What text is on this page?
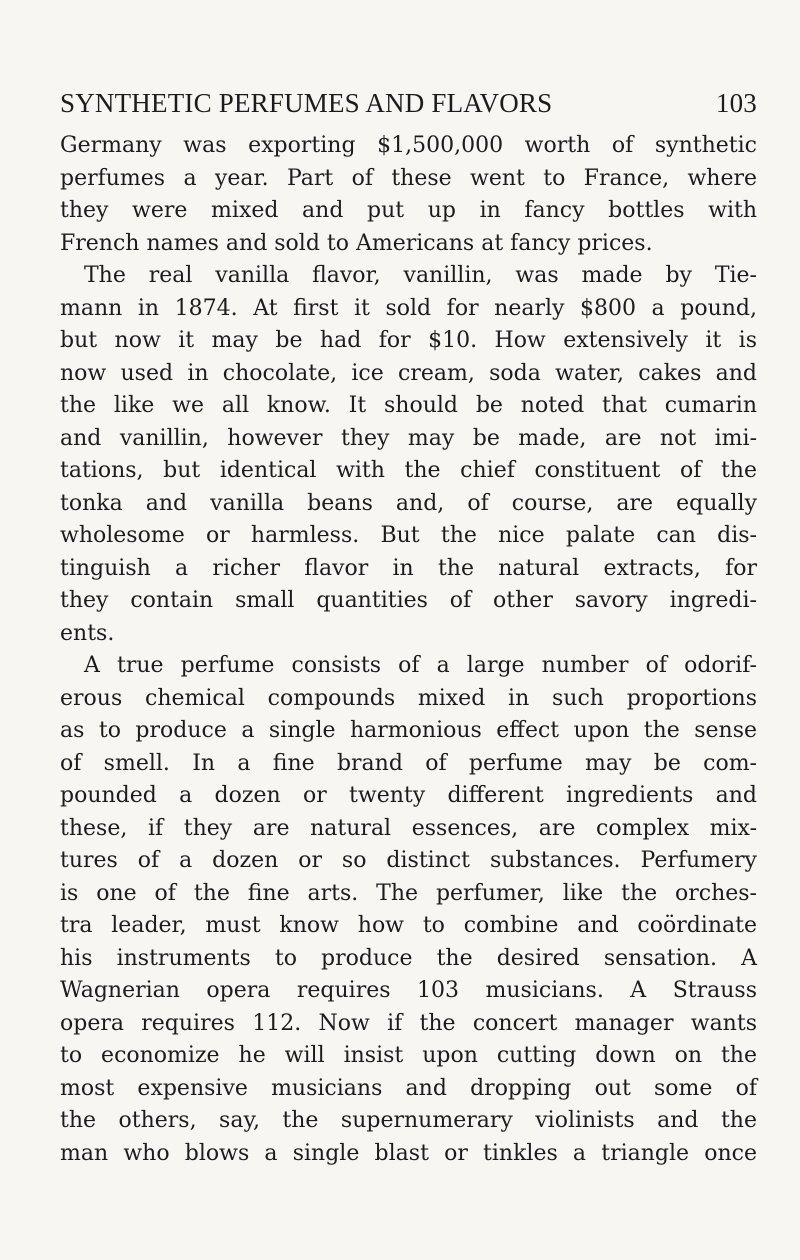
SYNTHETIC PERFUMES AND FLAVORS	103
Germany was exporting $1,500,000 worth of synthetic
perfumes a year. Part of these went to France, where
they were mixed and put up in fancy bottles with
French names and sold to Americans at fancy prices.
The real vanilla flavor, vanillin, was made by Tie-
mann in 1874. At first it sold for nearly $800 a pound,
but now it may be had for $10. How extensively it is
now used in chocolate, ice cream, soda water, cakes and
the like we all know. It should be noted that cumarin
and vanillin, however they may be made, are not imi-
tations, but identical with the chief constituent of the
tonka and vanilla beans and, of course, are equally
wholesome or harmless. But the nice palate can dis-
tinguish a richer flavor in the natural extracts, for
they contain small quantities of other savory ingredi-
ents.
A true perfume consists of a large number of odorif-
erous chemical compounds mixed in such proportions
as to produce a single harmonious effect upon the sense
of smell. In a fine brand of perfume may be com-
pounded a dozen or twenty different ingredients and
these, if they are natural essences, are complex mix-
tures of a dozen or so distinct substances. Perfumery
is one of the fine arts. The perfumer, like the orches-
tra leader, must know how to combine and coördinate
his instruments to produce the desired sensation. A
Wagnerian opera requires 103 musicians. A Strauss
opera requires 112. Now if the concert manager wants
to economize he will insist upon cutting down on the
most expensive musicians and dropping out some of
the others, say, the supernumerary violinists and the
man who blows a single blast or tinkles a triangle once
